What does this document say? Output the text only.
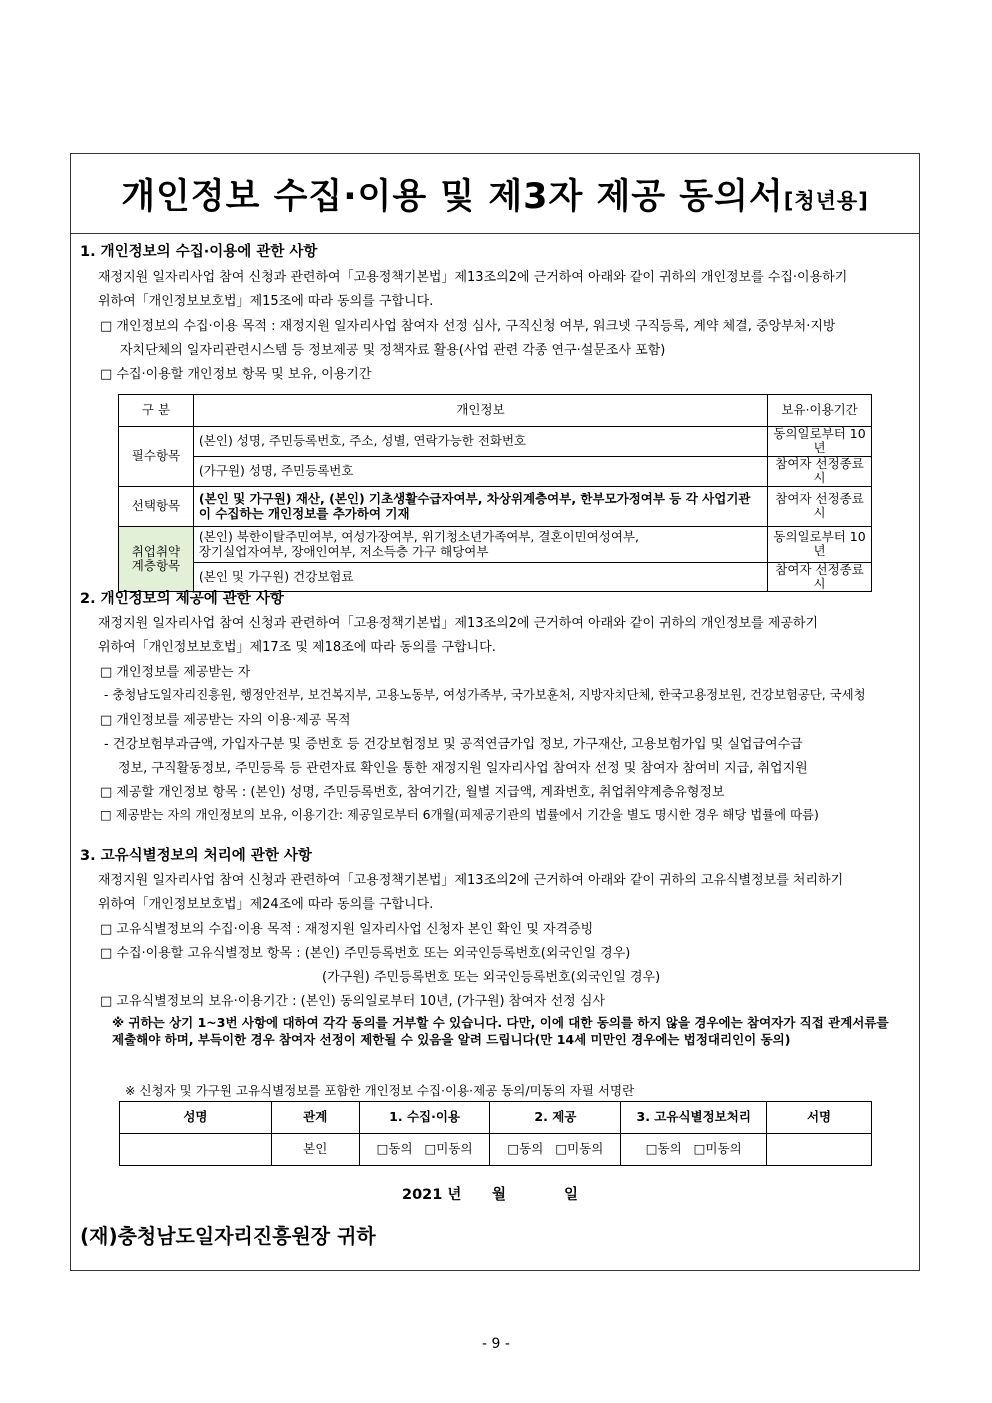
개인정보 수집·이용 및 제3자 제공 동의서[청년용]
1. 개인정보의 수집·이용에 관한 사항
재정지원 일자리사업 참여 신청과 관련하여「고용정책기본법」제13조의2에 근거하여 아래와 같이 귀하의 개인정보를 수집·이용하기
위하여「개인정보보호법」제15조에 따라 동의를 구합니다.
□ 개인정보의 수집·이용 목적 : 재정지원 일자리사업 참여자 선정 심사, 구직신청 여부, 워크넷 구직등록, 계약 체결, 중앙부처·지방
자치단체의 일자리관련시스템 등 정보제공 및 정책자료 활용(사업 관련 각종 연구·설문조사 포함)
□ 수집·이용할 개인정보 항목 및 보유, 이용기간
구 분	개인정보	보유·이용기간
필수항목	(본인) 성명, 주민등록번호, 주소, 성별, 연락가능한 전화번호	동의일로부터 10년
	(가구원) 성명, 주민등록번호	참여자 선정종료시
선택항목	(본인 및 가구원) 재산, (본인) 기초생활수급자여부, 차상위계층여부, 한부모가정여부 등 각 사업기관이 수집하는 개인정보를 추가하여 기재	참여자 선정종료시
취업취약
계층항목	(본인) 북한이탈주민여부, 여성가장여부, 위기청소년가족여부, 결혼이민여성여부,
장기실업자여부, 장애인여부, 저소득층 가구 해당여부	동의일로부터 10년
	(본인 및 가구원) 건강보험료	참여자 선정종료시
2. 개인정보의 제공에 관한 사항
재정지원 일자리사업 참여 신청과 관련하여「고용정책기본법」제13조의2에 근거하여 아래와 같이 귀하의 개인정보를 제공하기
위하여「개인정보보호법」제17조 및 제18조에 따라 동의를 구합니다.
□ 개인정보를 제공받는 자
- 충청남도일자리진흥원, 행정안전부, 보건복지부, 고용노동부, 여성가족부, 국가보훈처, 지방자치단체, 한국고용정보원, 건강보험공단, 국세청
□ 개인정보를 제공받는 자의 이용·제공 목적
- 건강보험부과금액, 가입자구분 및 증번호 등 건강보험정보 및 공적연금가입 정보, 가구재산, 고용보험가입 및 실업급여수급
정보, 구직활동정보, 주민등록 등 관련자료 확인을 통한 재정지원 일자리사업 참여자 선정 및 참여자 참여비 지급, 취업지원
□ 제공할 개인정보 항목 : (본인) 성명, 주민등록번호, 참여기간, 월별 지급액, 계좌번호, 취업취약계층유형정보
□ 제공받는 자의 개인정보의 보유, 이용기간: 제공일로부터 6개월(피제공기관의 법률에서 기간을 별도 명시한 경우 해당 법률에 따름)
3. 고유식별정보의 처리에 관한 사항
재정지원 일자리사업 참여 신청과 관련하여「고용정책기본법」제13조의2에 근거하여 아래와 같이 귀하의 고유식별정보를 처리하기
위하여「개인정보보호법」제24조에 따라 동의를 구합니다.
□ 고유식별정보의 수집·이용 목적 : 재정지원 일자리사업 신청자 본인 확인 및 자격증빙
□ 수집·이용할 고유식별정보 항목 : (본인) 주민등록번호 또는 외국인등록번호(외국인일 경우)
(가구원) 주민등록번호 또는 외국인등록번호(외국인일 경우)
□ 고유식별정보의 보유·이용기간 : (본인) 동의일로부터 10년, (가구원) 참여자 선정 심사
※ 귀하는 상기 1~3번 사항에 대하여 각각 동의를 거부할 수 있습니다. 다만, 이에 대한 동의를 하지 않을 경우에는 참여자가 직접 관계서류를 제출해야 하며, 부득이한 경우 참여자 선정이 제한될 수 있음을 알려 드립니다(만 14세 미만인 경우에는 법정대리인이 동의)
※ 신청자 및 가구원 고유식별정보를 포함한 개인정보 수집·이용·제공 동의/미동의 자필 서명란
성명	관계	1. 수집·이용	2. 제공	3. 고유식별정보처리	서명
	본인	□동의 □미동의	□동의 □미동의	□동의 □미동의	
2021 년 월	일
(재)충청남도일자리진흥원장 귀하
- 9 -
